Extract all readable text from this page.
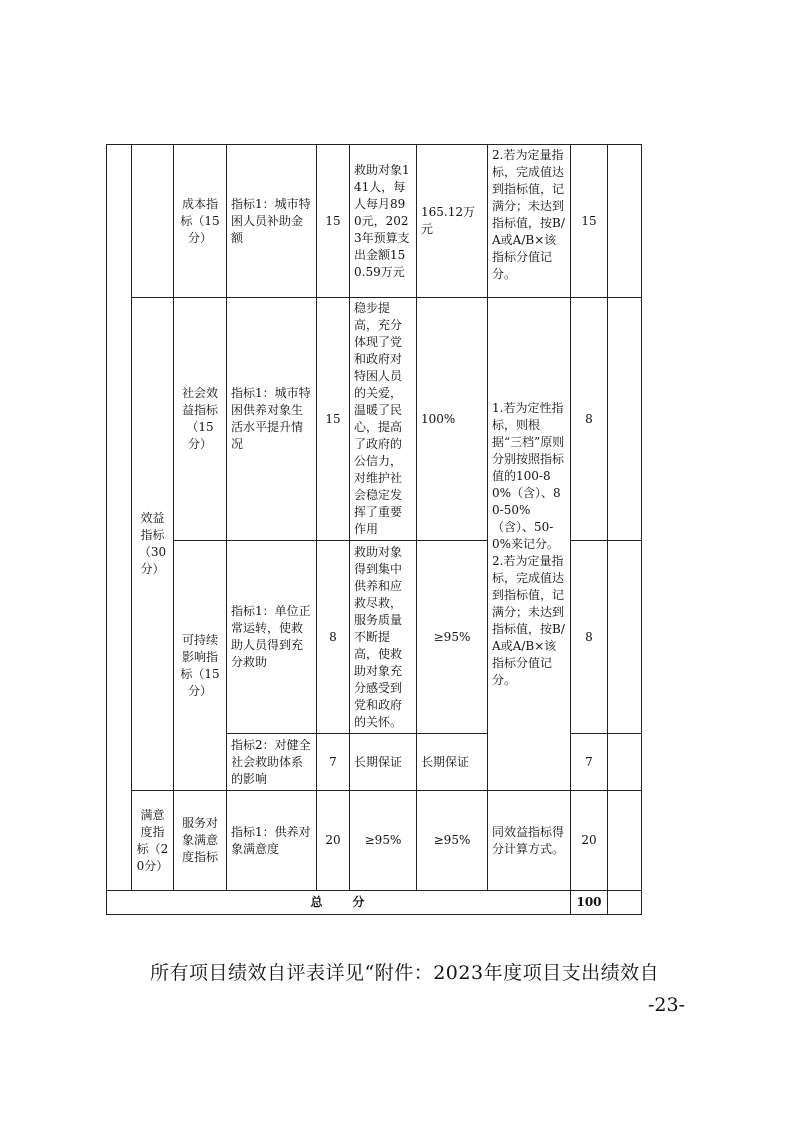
		成本指标（15分）	指标1：城市特困人员补助金额	15	救助对象141人，每人每月890元，2023年预算支出金额150.59万元	165.12万元	2.若为定量指标，完成值达到指标值，记满分；未达到指标值，按B/A或A/B×该指标分值记分。	15	
	效益指标（30分）	社会效益指标（15分）	指标1：城市特困供养对象生活水平提升情况	15	稳步提高，充分体现了党和政府对特困人员的关爱，温暖了民心，提高了政府的公信力，对维护社会稳定发挥了重要作用	100%	1.若为定性指标，则根据“三档”原则分别按照指标值的100-80%（含）、80-50%（含）、50-0%来记分。2.若为定量指标，完成值达到指标值，记满分；未达到指标值，按B/A或A/B×该指标分值记分。	8	
		可持续影响指标（15分）	指标1：单位正常运转，使救助人员得到充分救助	8	救助对象得到集中供养和应救尽救，服务质量不断提高，使救助对象充分感受到党和政府的关怀。	≥95%		8	
			指标2：对健全社会救助体系的影响	7	长期保证	长期保证		7	
	满意度指标（20分）	服务对象满意度指标	指标1：供养对象满意度	20	≥95%	≥95%	同效益指标得分计算方式。	20	
总　　分								100	
所有项目绩效自评表详见“附件：2023年度项目支出绩效自
-23-
